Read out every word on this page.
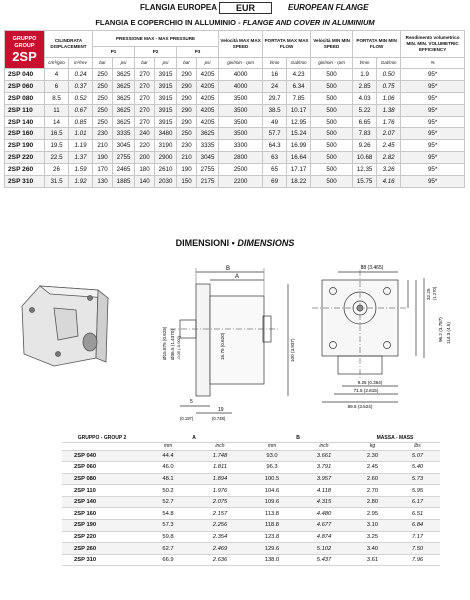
FLANGIA EUROPEA	EUR	EUROPEAN FLANGE
FLANGIA E COPERCHIO IN ALLUMINIO - FLANGE AND COVER IN ALUMINIUM
GRUPPO GROUP
2SP	CILINDRATA DISPLACEMENT		PRESSIONE MAX - MAX PRESSURE						Velocità MAX MAX SPEED	PORTATA MAX MAX FLOW		Velocità MIN MIN SPEED	PORTATA MIN MIN FLOW		Rendimento volumetrico MIN. MIN. VOLUMETRIC EFFICIENCY
			P1		P2		P3								
	cm³/giro	in³/rev	bar	psi	bar	psi	bar	psi	giri/min - rpm	l/min	Gal/min	giri/min - rpm	l/min	Gal/min	%
2SP 040	4	0.24	250	3625	270	3915	290	4205	4000	16	4.23	500	1.9	0.50	95*
2SP 060	6	0.37	250	3625	270	3915	290	4205	4000	24	6.34	500	2.85	0.75	95*
2SP 080	8.5	0.52	250	3625	270	3915	290	4205	3500	29.7	7.85	500	4.03	1.06	95*
2SP 110	11	0.67	250	3625	270	3915	290	4205	3500	38.5	10.17	500	5.22	1.38	95*
2SP 140	14	0.85	250	3625	270	3915	290	4205	3500	49	12.95	500	6.65	1.76	95*
2SP 160	16.5	1.01	230	3335	240	3480	250	3625	3500	57.7	15.24	500	7.83	2.07	95*
2SP 190	19.5	1.19	210	3045	220	3190	230	3335	3300	64.3	16.99	500	9.26	2.45	95*
2SP 220	22.5	1.37	190	2755	200	2900	210	3045	2800	63	16.64	500	10.68	2.82	95*
2SP 260	26	1.59	170	2465	180	2610	190	2755	2500	65	17.17	500	12.35	3.26	95*
2SP 310	31.5	1.92	130	1885	140	2030	150	2175	2200	69	18.22	500	15.75	4.16	95*
DIMENSIONI • DIMENSIONS
B
A
Ø15.875 (0.625) Ø36.5 (1.4370) -0.05 (-0.002)	15.75 (0.620)	100 (3.937)
5
(0.197)
19
(0.748)
88 (3.465)
32.25 (1.270)
96.2 (3.787) 114.3 (4.5)
9.25 (0.364)
71.5 (2.815)
89.5 (3.524)
GRUPPO - GROUP 2	A		B		MASSA - MASS	
	mm	inch	mm	inch	kg	lbs
2SP 040	44.4	1.748	93.0	3.661	2.30	5.07
2SP 060	46.0	1.811	96.3	3.791	2.45	5.40
2SP 080	48.1	1.894	100.5	3.957	2.60	5.73
2SP 110	50.2	1.976	104.6	4.118	2.70	5.95
2SP 140	52.7	2.075	109.6	4.315	2.80	6.17
2SP 160	54.8	2.157	113.8	4.480	2.95	6.51
2SP 190	57.3	2.256	118.8	4.677	3.10	6.84
2SP 220	59.8	2.354	123.8	4.874	3.25	7.17
2SP 260	62.7	2.469	129.6	5.102	3.40	7.50
2SP 310	66.9	2.636	138.0	5.437	3.61	7.96
